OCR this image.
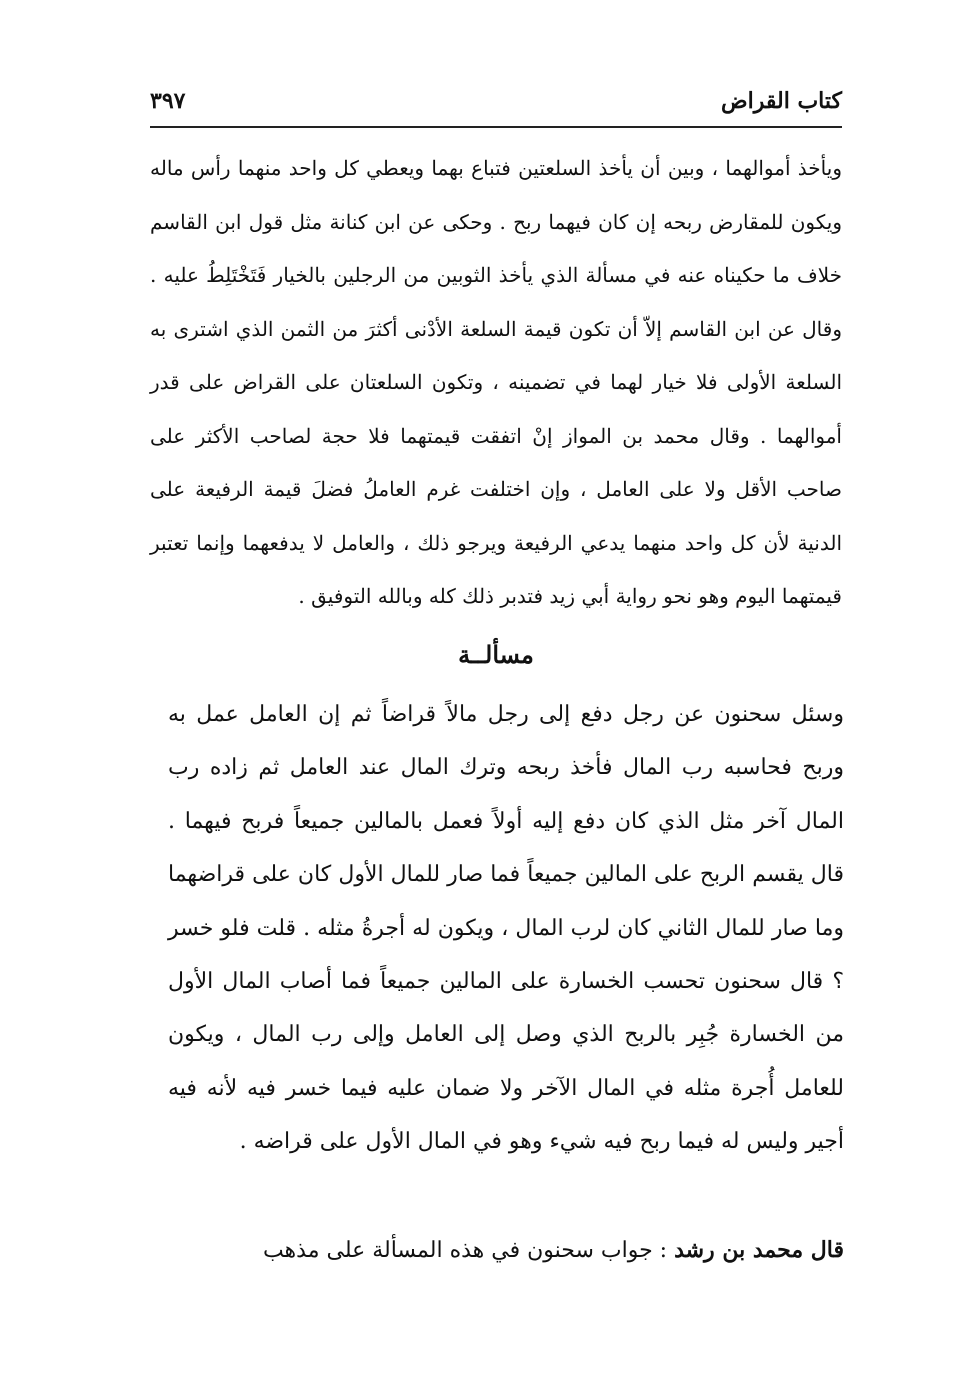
كتاب القراض
٣٩٧

ويأخذ أموالهما ، وبين أن يأخذ السلعتين فتباع بهما ويعطي كل واحد منهما رأس ماله ويكون للمقارض ربحه إن كان فيهما ربح . وحكى عن ابن كنانة مثل قول ابن القاسم خلاف ما حكيناه عنه في مسألة الذي يأخذ الثوبين من الرجلين بالخيار فَتَخْتَلِطُ عليه . وقال عن ابن القاسم إلاّ أن تكون قيمة السلعة الأدْنى أكثرَ من الثمن الذي اشترى به السلعة الأولى فلا خيار لهما في تضمينه ، وتكون السلعتان على القراض على قدر أموالهما . وقال محمد بن المواز إنْ اتفقت قيمتهما فلا حجة لصاحب الأكثر على صاحب الأقل ولا على العامل ، وإن اختلفت غرم العاملُ فضلَ قيمة الرفيعة على الدنية لأن كل واحد منهما يدعي الرفيعة ويرجو ذلك ، والعامل لا يدفعهما وإنما تعتبر قيمتهما اليوم وهو نحو رواية أبي زيد فتدبر ذلك كله وبالله التوفيق .

مسألــة

وسئل سحنون عن رجل دفع إلى رجل مالاً قراضاً ثم إن العامل عمل به وربح فحاسبه رب المال فأخذ ربحه وترك المال عند العامل ثم زاده رب المال آخر مثل الذي كان دفع إليه أولاً فعمل بالمالين جميعاً فربح فيهما . قال يقسم الربح على المالين جميعاً فما صار للمال الأول كان على قراضهما وما صار للمال الثاني كان لرب المال ، ويكون له أجرةُ مثله . قلت فلو خسر ؟ قال سحنون تحسب الخسارة على المالين جميعاً فما أصاب المال الأول من الخسارة جُبِر بالربح الذي وصل إلى العامل وإلى رب المال ، ويكون للعامل أُجرة مثله في المال الآخر ولا ضمان عليه فيما خسر فيه لأنه فيه أجير وليس له فيما ربح فيه شيء وهو في المال الأول على قراضه .

قال محمد بن رشد : جواب سحنون في هذه المسألة على مذهب
